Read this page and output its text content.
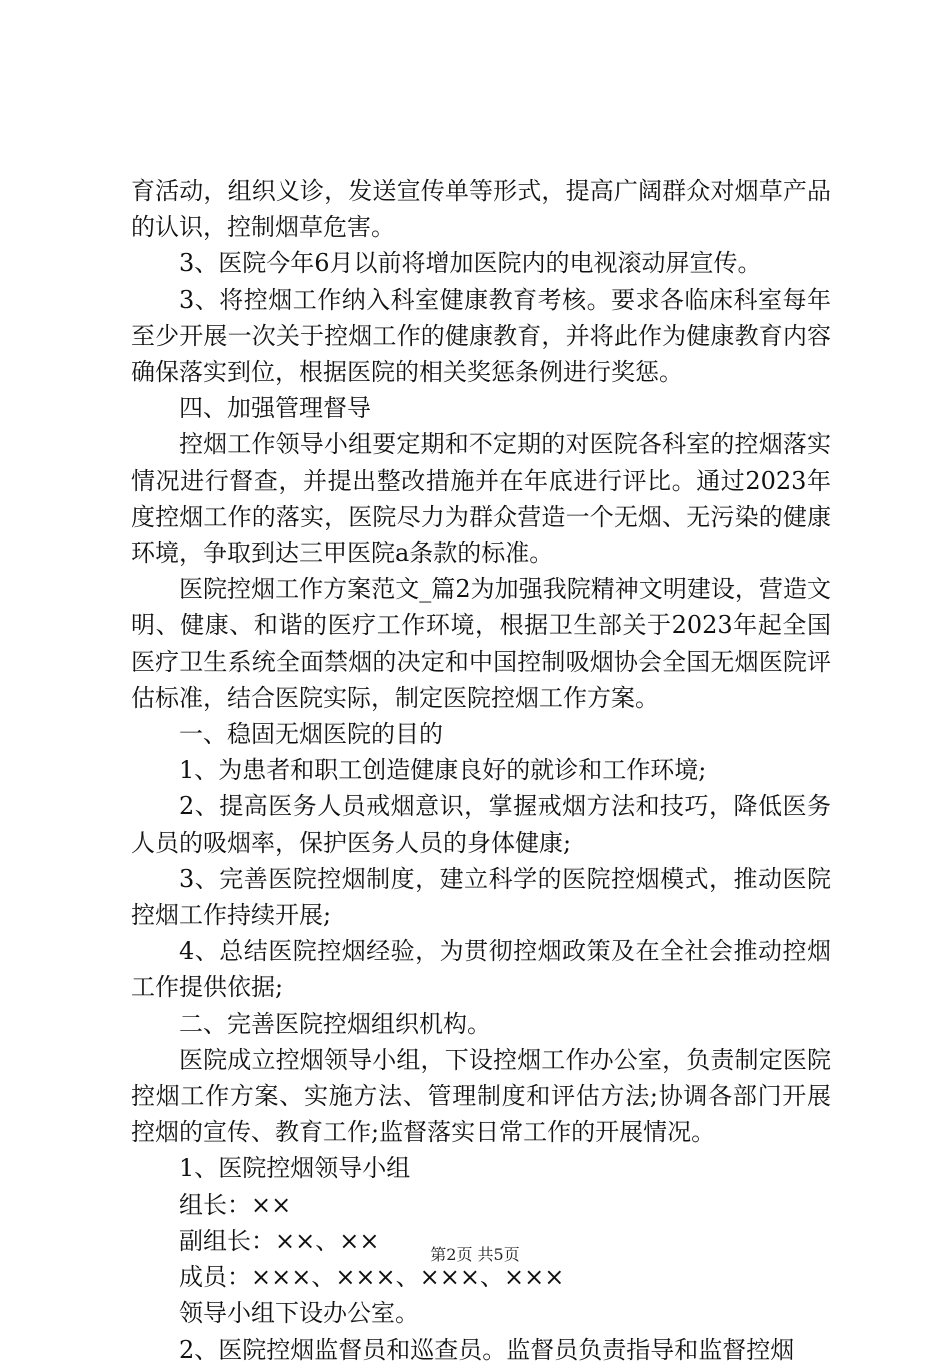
育活动，组织义诊，发送宣传单等形式，提高广阔群众对烟草产品的认识，控制烟草危害。

3、医院今年6月以前将增加医院内的电视滚动屏宣传。

3、将控烟工作纳入科室健康教育考核。要求各临床科室每年至少开展一次关于控烟工作的健康教育，并将此作为健康教育内容确保落实到位，根据医院的相关奖惩条例进行奖惩。

四、加强管理督导

控烟工作领导小组要定期和不定期的对医院各科室的控烟落实情况进行督查，并提出整改措施并在年底进行评比。通过2023年度控烟工作的落实，医院尽力为群众营造一个无烟、无污染的健康环境，争取到达三甲医院a条款的标准。

医院控烟工作方案范文_篇2为加强我院精神文明建设，营造文明、健康、和谐的医疗工作环境，根据卫生部关于2023年起全国医疗卫生系统全面禁烟的决定和中国控制吸烟协会全国无烟医院评估标准，结合医院实际，制定医院控烟工作方案。

一、稳固无烟医院的目的

1、为患者和职工创造健康良好的就诊和工作环境;

2、提高医务人员戒烟意识，掌握戒烟方法和技巧，降低医务人员的吸烟率，保护医务人员的身体健康;

3、完善医院控烟制度，建立科学的医院控烟模式，推动医院控烟工作持续开展;

4、总结医院控烟经验，为贯彻控烟政策及在全社会推动控烟工作提供依据;

二、完善医院控烟组织机构。

医院成立控烟领导小组，下设控烟工作办公室，负责制定医院控烟工作方案、实施方法、管理制度和评估方法;协调各部门开展控烟的宣传、教育工作;监督落实日常工作的开展情况。

1、医院控烟领导小组

组长：××

副组长：××、××

成员：×××、×××、×××、×××

领导小组下设办公室。

2、医院控烟监督员和巡查员。监督员负责指导和监督控烟

第2页 共5页
